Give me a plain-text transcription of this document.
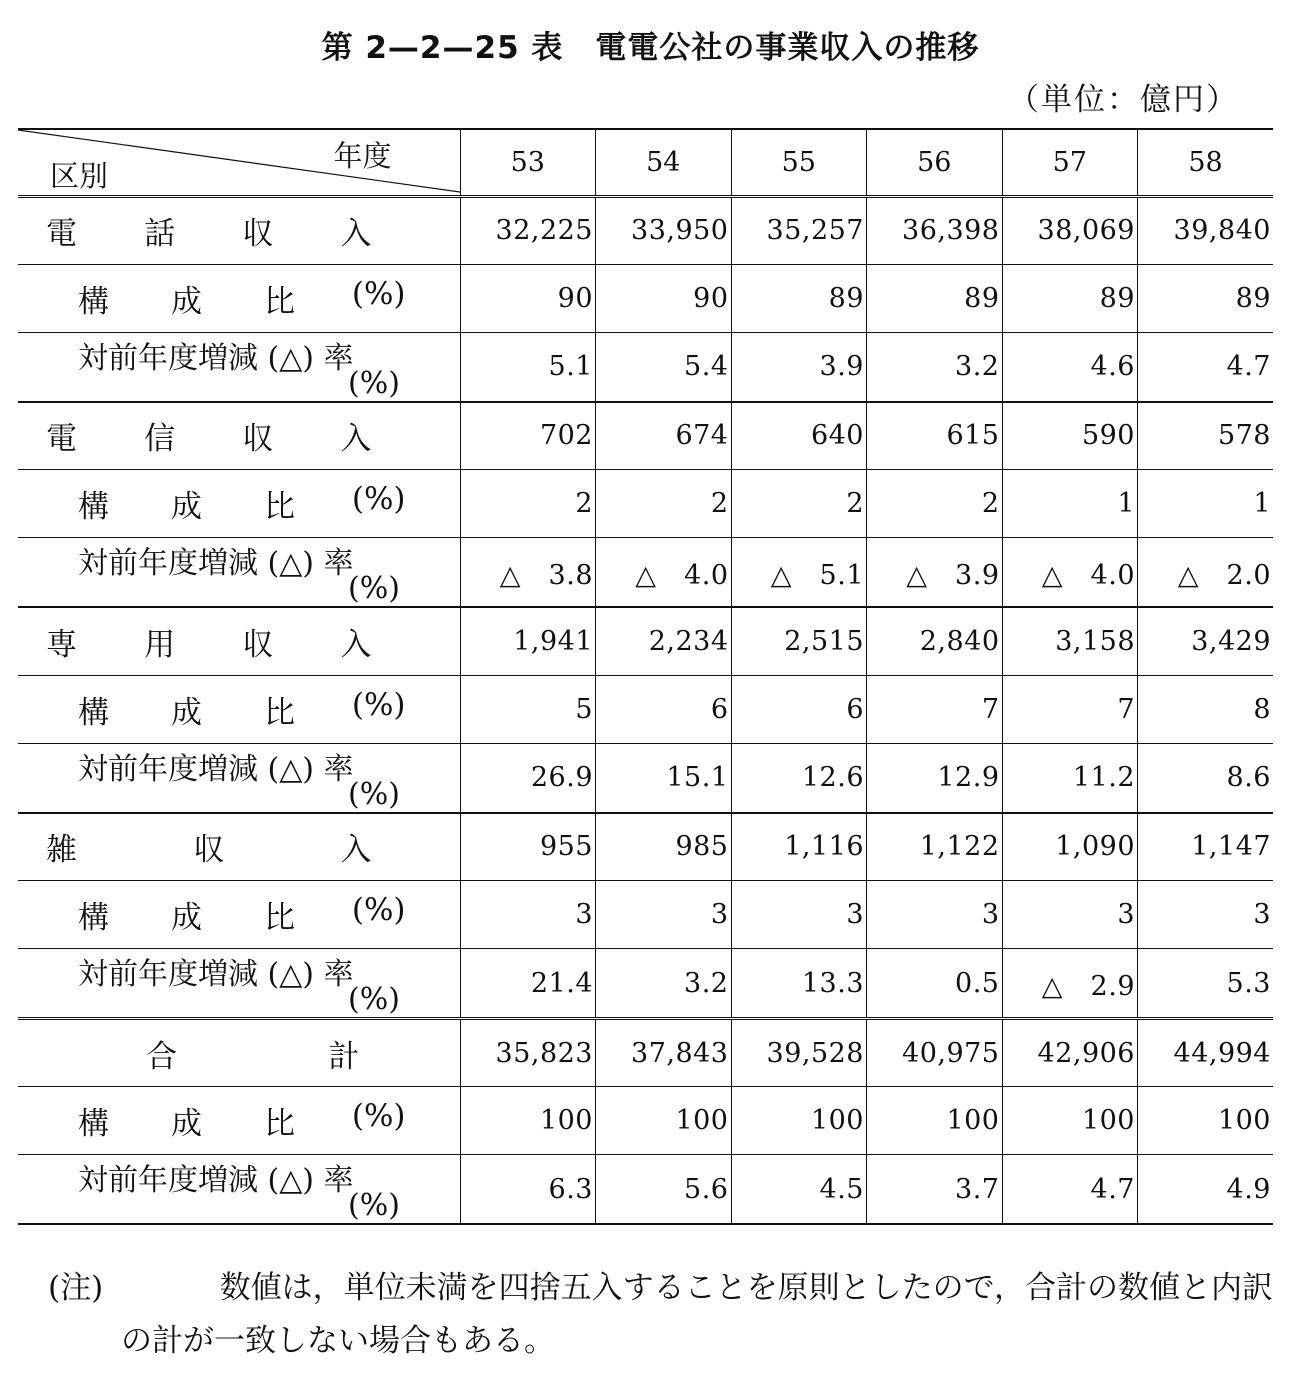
第 2—2—25 表　電電公社の事業収入の推移
（単位：億円）
年度
区別	53	54	55	56	57	58

電 話 収 入	32,225	33,950	35,257	36,398	38,069	39,840

構　　成　　比 (%)	90	90	89	89	89	89

対前年度増減 (△) 率
(%)	5.1	5.4	3.9	3.2	4.6	4.7

電 信 収 入	702	674	640	615	590	578

構　　成　　比 (%)	2	2	2	2	1	1

対前年度増減 (△) 率
(%)	△　3.8	△　4.0	△　5.1	△　3.9	△　4.0	△　2.0

専 用 収 入	1,941	2,234	2,515	2,840	3,158	3,429

構　　成　　比 (%)	5	6	6	7	7	8

対前年度増減 (△) 率
(%)	26.9	15.1	12.6	12.9	11.2	8.6

雑 収 入	955	985	1,116	1,122	1,090	1,147

構　　成　　比 (%)	3	3	3	3	3	3

対前年度増減 (△) 率
(%)	21.4	3.2	13.3	0.5	△　2.9	5.3

合 計	35,823	37,843	39,528	40,975	42,906	44,994

構　　成　　比 (%)	100	100	100	100	100	100

対前年度増減 (△) 率
(%)	6.3	5.6	4.5	3.7	4.7	4.9
(注)	数値は，単位未満を四捨五入することを原則としたので，合計の数値と内訳
の計が一致しない場合もある。
